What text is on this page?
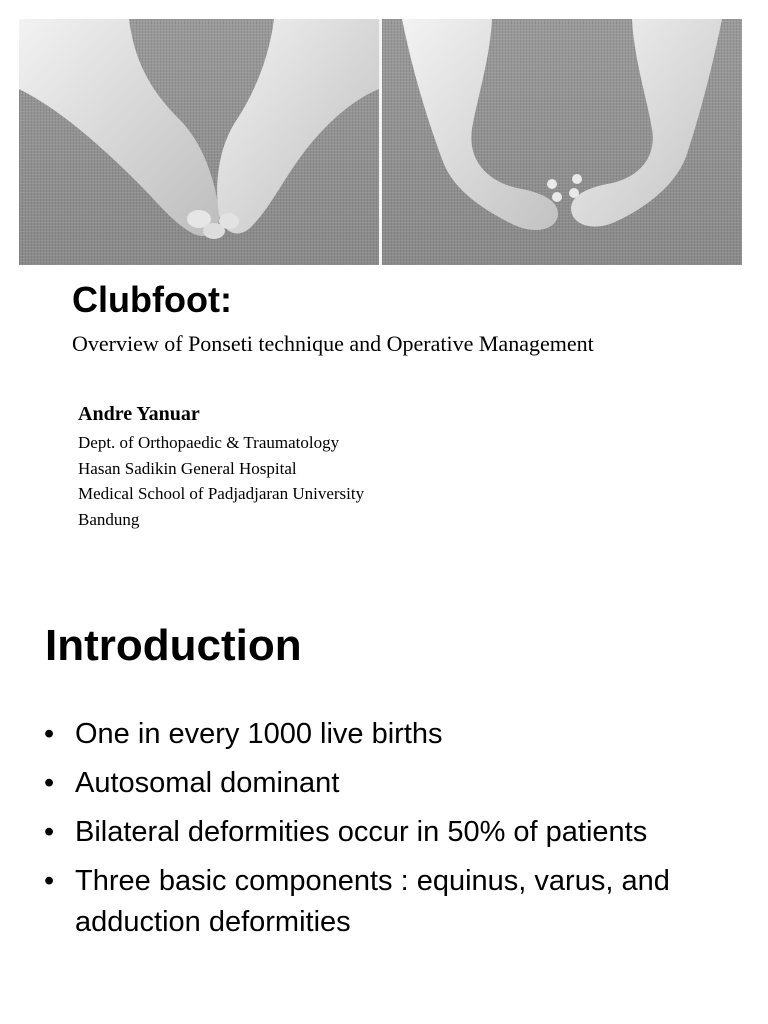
Clubfoot:

Overview of Ponseti technique and Operative Management

Andre Yanuar

Dept. of Orthopaedic & Traumatology

Hasan Sadikin General Hospital

Medical School of Padjadjaran University

Bandung

Introduction
• One in every 1000 live births
• Autosomal dominant
• Bilateral deformities occur in 50% of patients
• Three basic components : equinus, varus, and adduction deformities
